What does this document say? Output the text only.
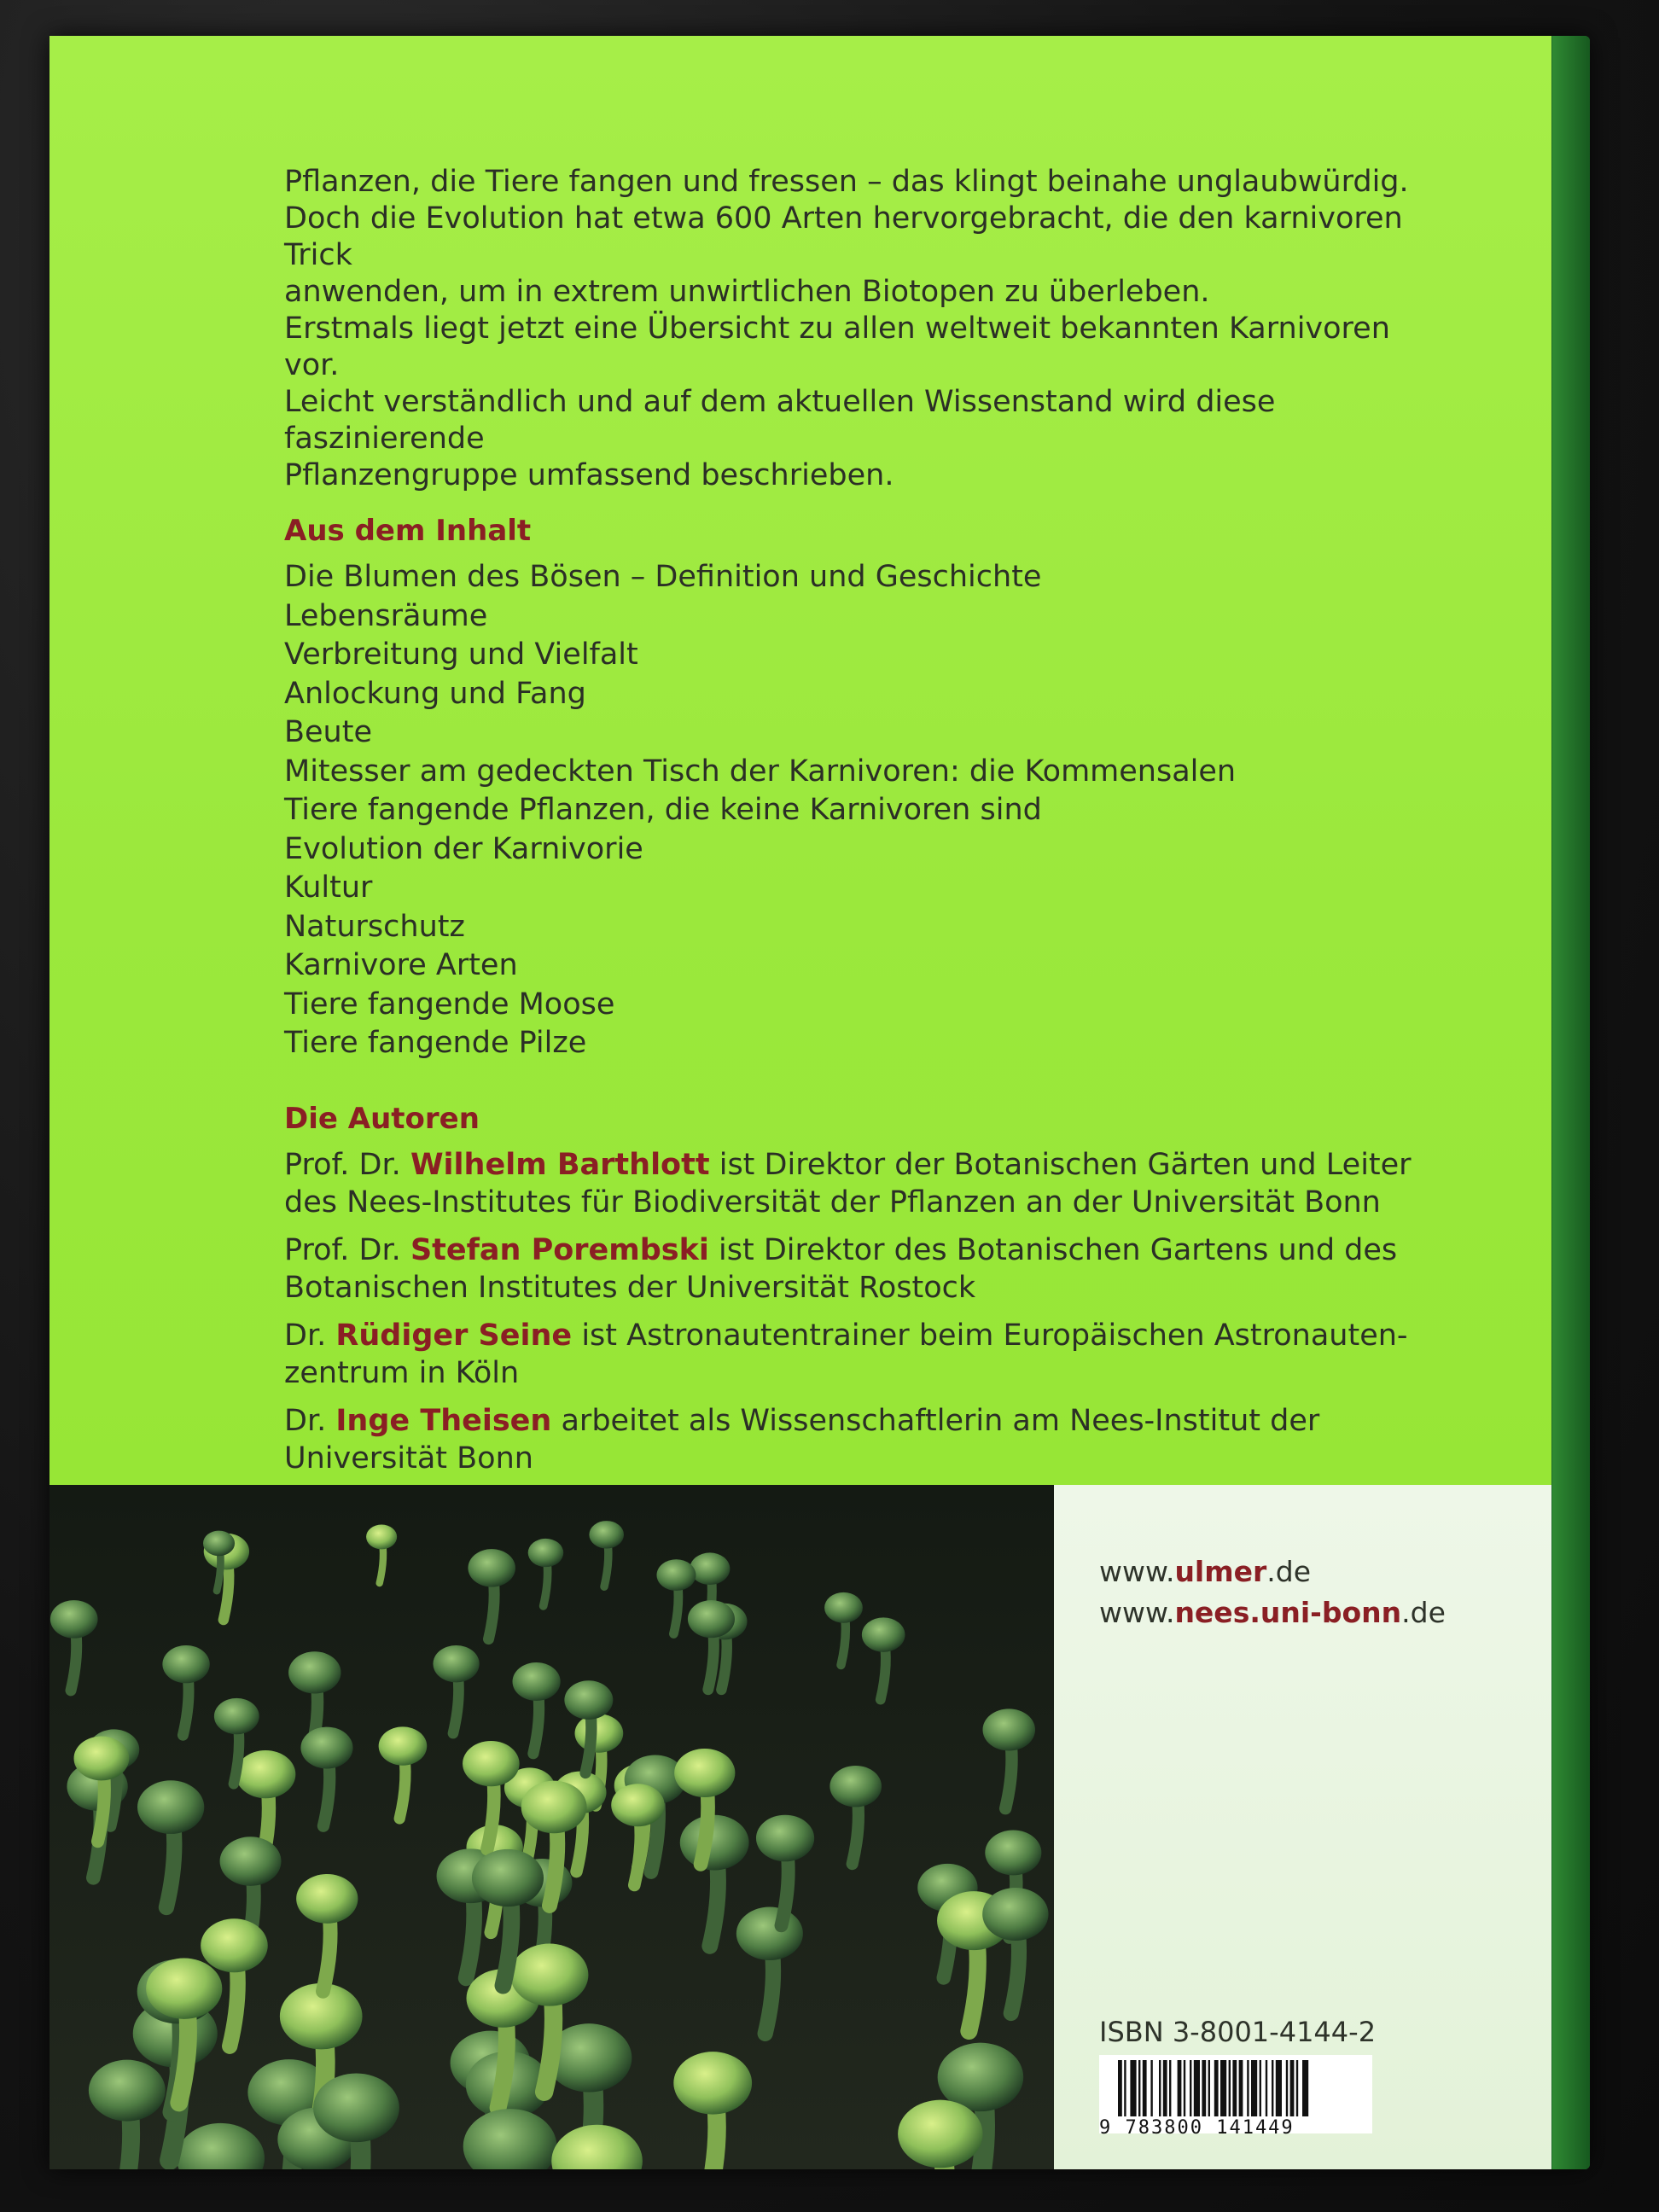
Pflanzen, die Tiere fangen und fressen – das klingt beinahe unglaubwürdig.

Doch die Evolution hat etwa 600 Arten hervorgebracht, die den karnivoren Trick

anwenden, um in extrem unwirtlichen Biotopen zu überleben.

Erstmals liegt jetzt eine Übersicht zu allen weltweit bekannten Karnivoren vor.

Leicht verständlich und auf dem aktuellen Wissenstand wird diese faszinierende

Pflanzengruppe umfassend beschrieben.

Aus dem Inhalt
Die Blumen des Bösen – Definition und Geschichte
Lebensräume
Verbreitung und Vielfalt
Anlockung und Fang
Beute
Mitesser am gedeckten Tisch der Karnivoren: die Kommensalen
Tiere fangende Pflanzen, die keine Karnivoren sind
Evolution der Karnivorie
Kultur
Naturschutz
Karnivore Arten
Tiere fangende Moose
Tiere fangende Pilze
Die Autoren
Prof. Dr. Wilhelm Barthlott ist Direktor der Botanischen Gärten und Leiter
des Nees-Institutes für Biodiversität der Pflanzen an der Universität Bonn
Prof. Dr. Stefan Porembski ist Direktor des Botanischen Gartens und des
Botanischen Institutes der Universität Rostock
Dr. Rüdiger Seine ist Astronautentrainer beim Europäischen Astronauten-
zentrum in Köln
Dr. Inge Theisen arbeitet als Wissenschaftlerin am Nees-Institut der
Universität Bonn
www.ulmer.de
www.nees.uni-bonn.de
ISBN 3-8001-4144-2
9 783800 141449
